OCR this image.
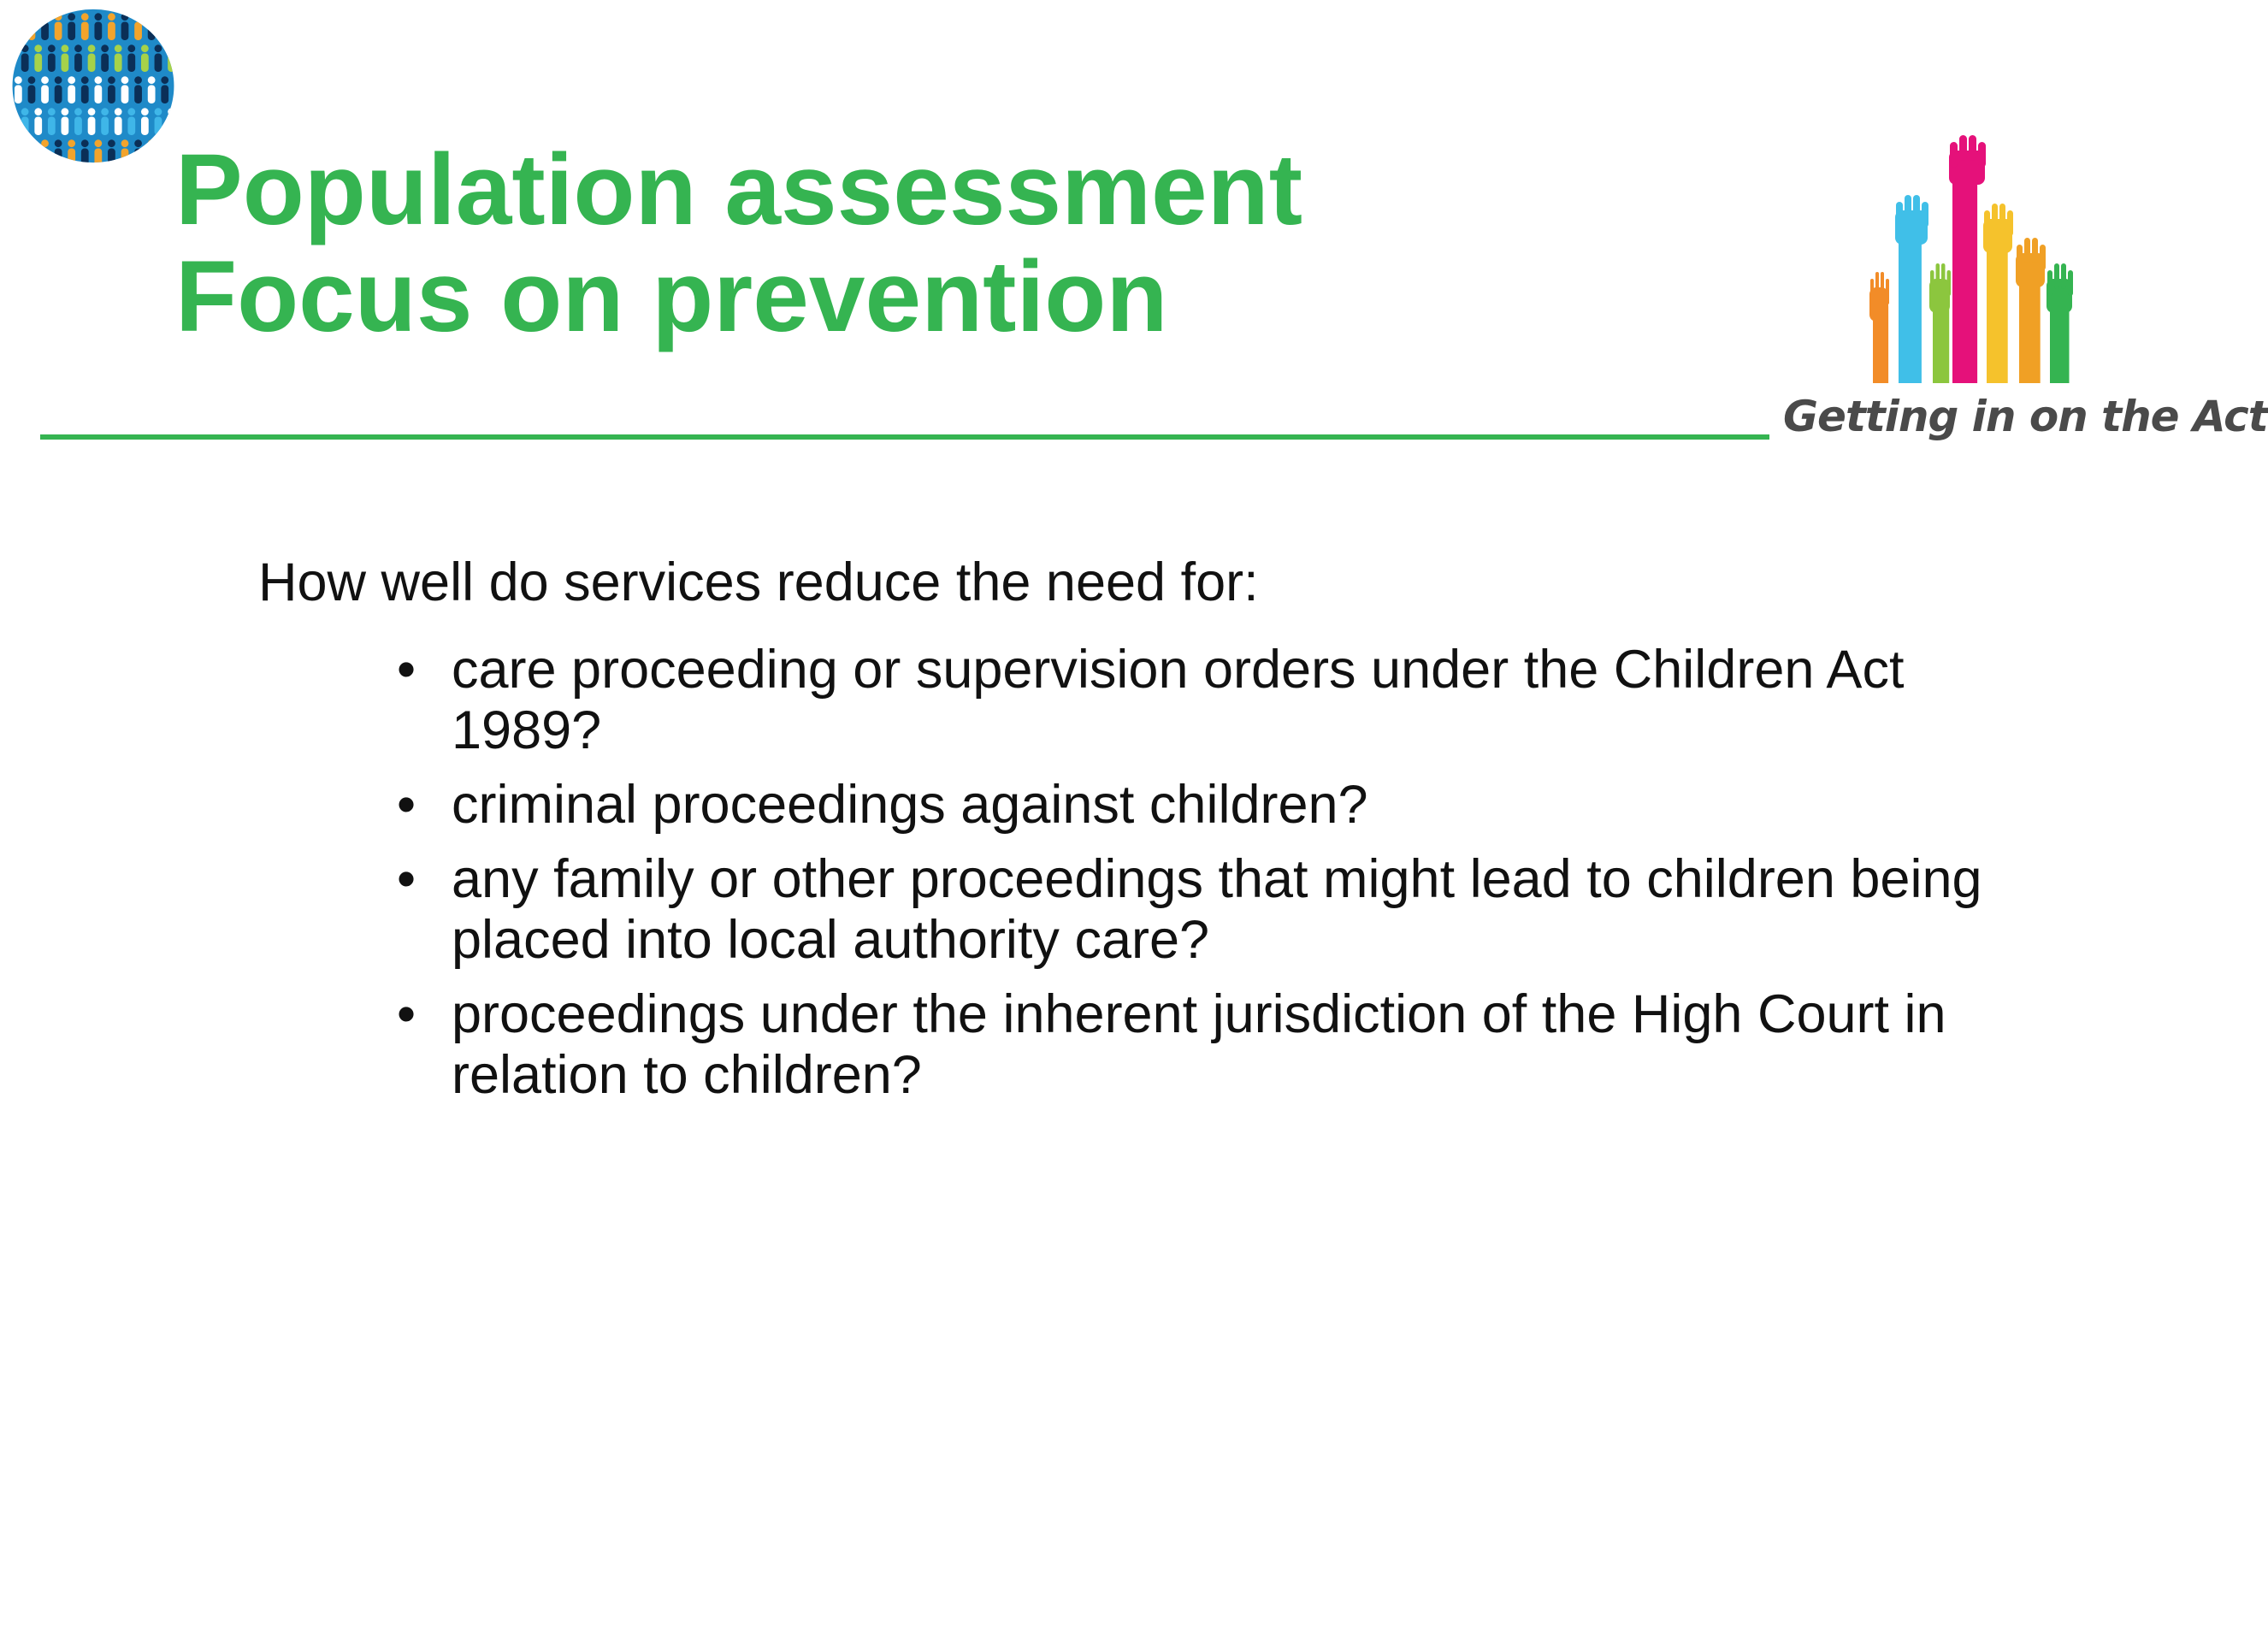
Population assessment
Focus on prevention
Getting in on the Act

How well do services reduce the need for:

• care proceeding or supervision orders under the Children Act 1989?
• criminal proceedings against children?
• any family or other proceedings that might lead to children being placed into local authority care?
• proceedings under the inherent jurisdiction of the High Court in relation to children?
